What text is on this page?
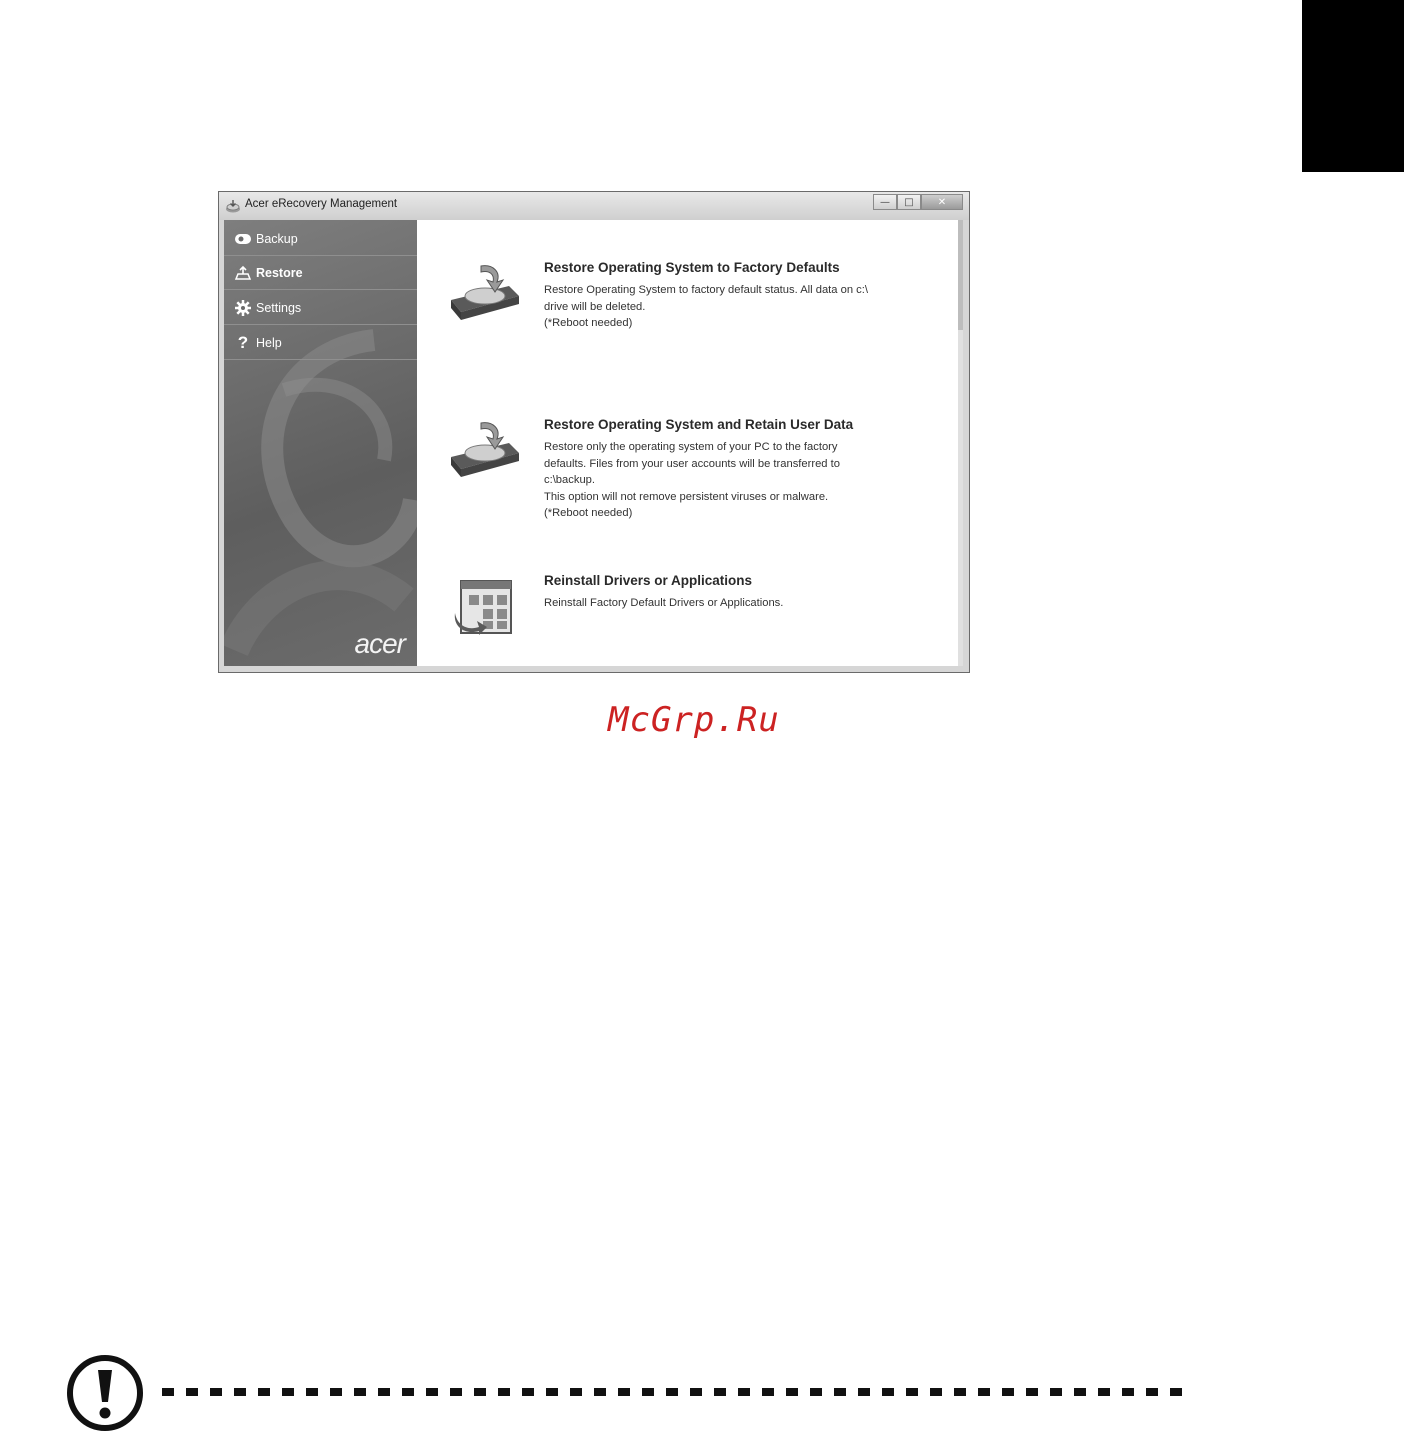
Acer eRecovery Management	—	□	✕
Backup
Restore
Settings
? Help
acer
Restore Operating System to Factory Defaults
Restore Operating System to factory default status. All data on c:\
drive will be deleted.
(*Reboot needed)
Restore Operating System and Retain User Data
Restore only the operating system of your PC to the factory
defaults. Files from your user accounts will be transferred to
c:\backup.
This option will not remove persistent viruses or malware.
(*Reboot needed)
Reinstall Drivers or Applications
Reinstall Factory Default Drivers or Applications.
McGrp.Ru
